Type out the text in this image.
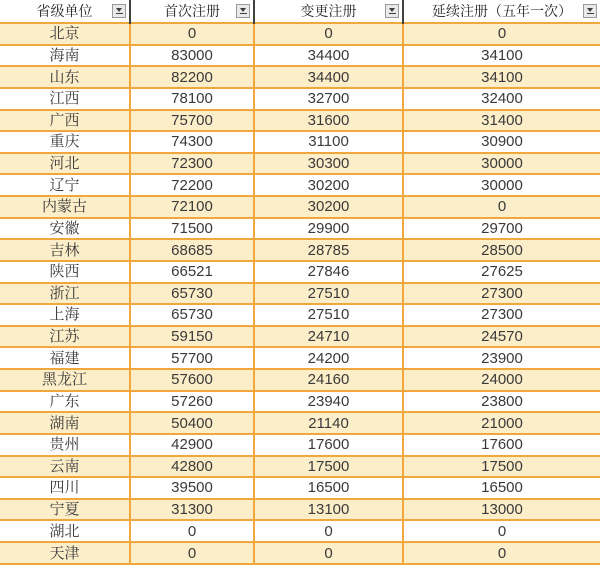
省级单位	首次注册	变更注册	延续注册（五年一次）

北京	0	0	0
海南	83000	34400	34100
山东	82200	34400	34100
江西	78100	32700	32400
广西	75700	31600	31400
重庆	74300	31100	30900
河北	72300	30300	30000
辽宁	72200	30200	30000
内蒙古	72100	30200	0
安徽	71500	29900	29700
吉林	68685	28785	28500
陕西	66521	27846	27625
浙江	65730	27510	27300
上海	65730	27510	27300
江苏	59150	24710	24570
福建	57700	24200	23900
黑龙江	57600	24160	24000
广东	57260	23940	23800
湖南	50400	21140	21000
贵州	42900	17600	17600
云南	42800	17500	17500
四川	39500	16500	16500
宁夏	31300	13100	13000
湖北	0	0	0
天津	0	0	0
